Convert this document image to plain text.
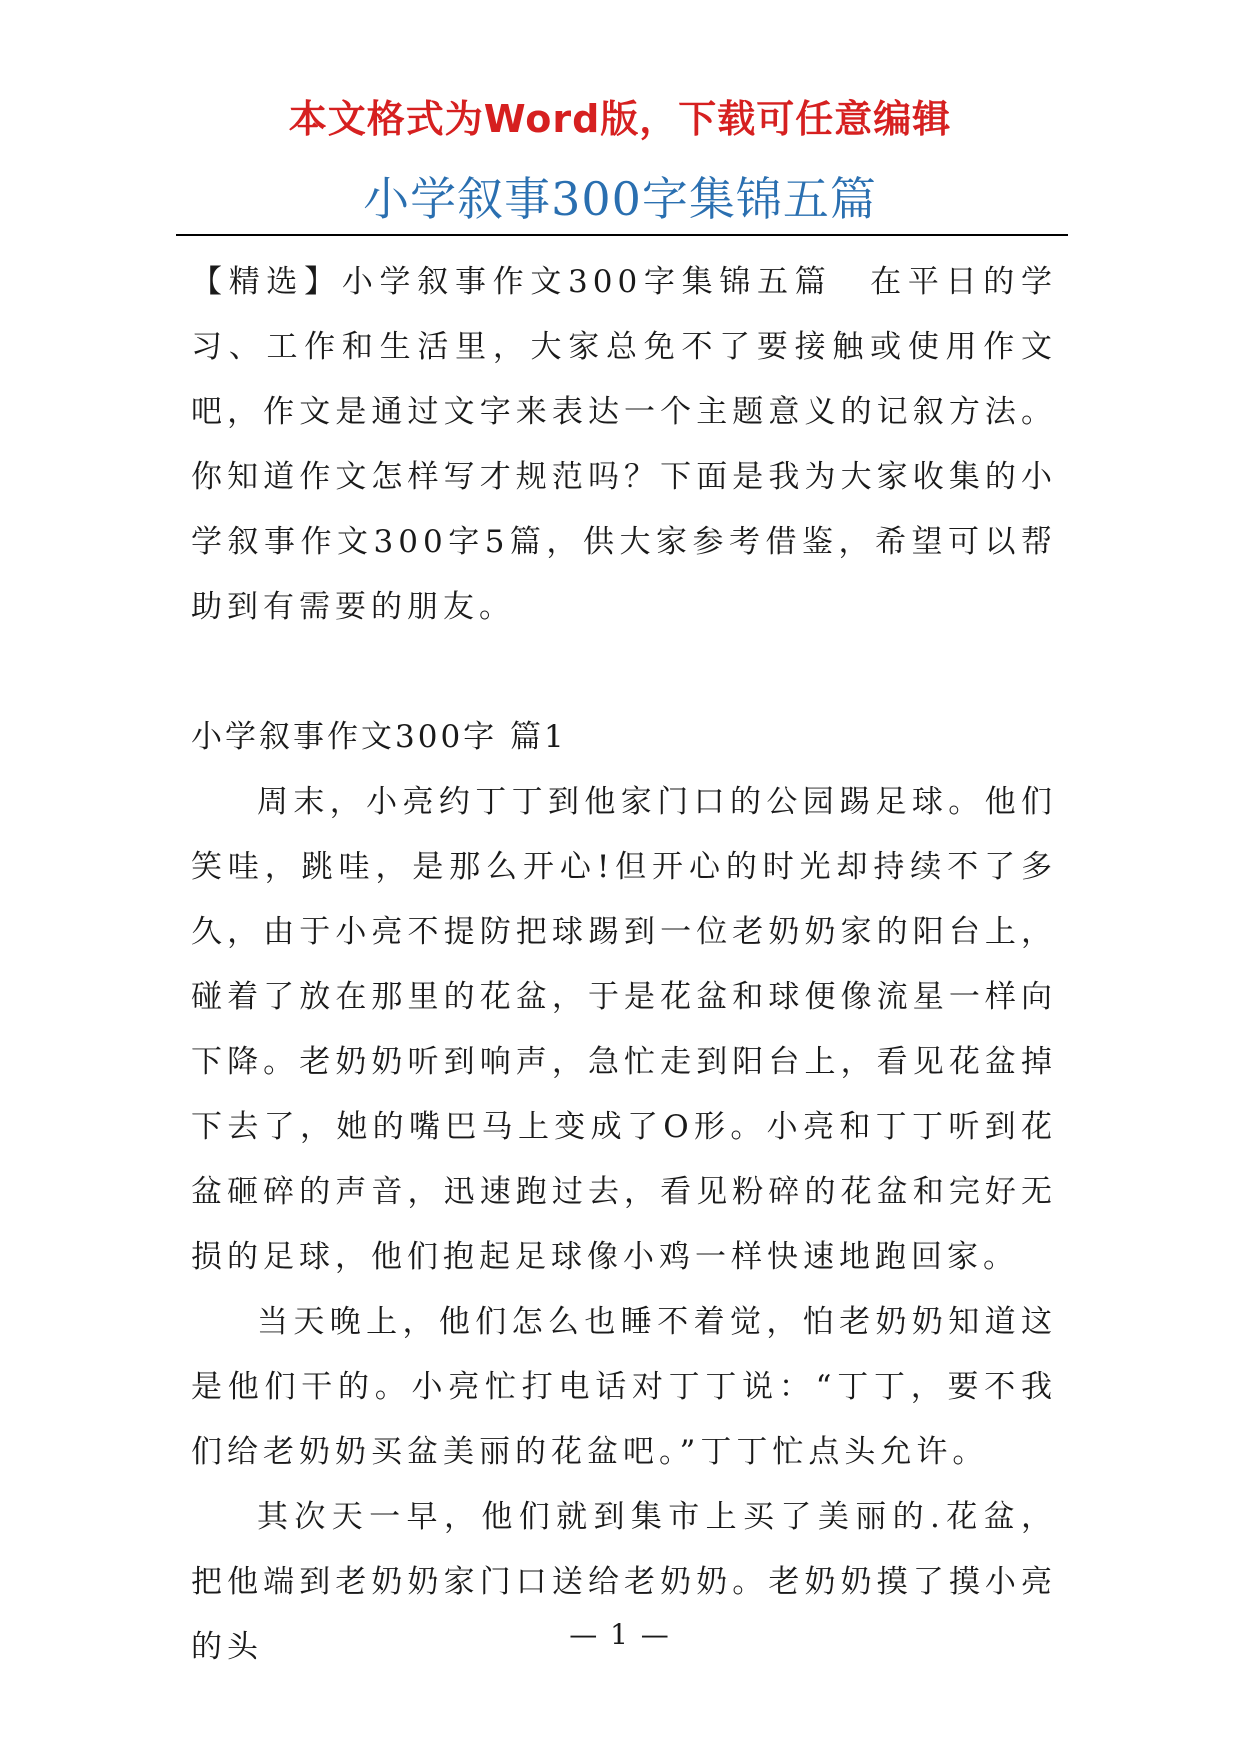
本文格式为Word版，下载可任意编辑
小学叙事300字集锦五篇

【精选】小学叙事作文300字集锦五篇　在平日的学习、工作和生活里，大家总免不了要接触或使用作文吧，作文是通过文字来表达一个主题意义的记叙方法。你知道作文怎样写才规范吗？下面是我为大家收集的小学叙事作文300字5篇，供大家参考借鉴，希望可以帮助到有需要的朋友。

小学叙事作文300字 篇1

周末，小亮约丁丁到他家门口的公园踢足球。他们笑哇，跳哇，是那么开心!但开心的时光却持续不了多久，由于小亮不提防把球踢到一位老奶奶家的阳台上，碰着了放在那里的花盆，于是花盆和球便像流星一样向下降。老奶奶听到响声，急忙走到阳台上，看见花盆掉下去了，她的嘴巴马上变成了O形。小亮和丁丁听到花盆砸碎的声音，迅速跑过去，看见粉碎的花盆和完好无损的足球，他们抱起足球像小鸡一样快速地跑回家。

当天晚上，他们怎么也睡不着觉，怕老奶奶知道这是他们干的。小亮忙打电话对丁丁说：“丁丁，要不我们给老奶奶买盆美丽的花盆吧。”丁丁忙点头允许。

其次天一早，他们就到集市上买了美丽的.花盆，把他端到老奶奶家门口送给老奶奶。老奶奶摸了摸小亮的头	— 1 —
